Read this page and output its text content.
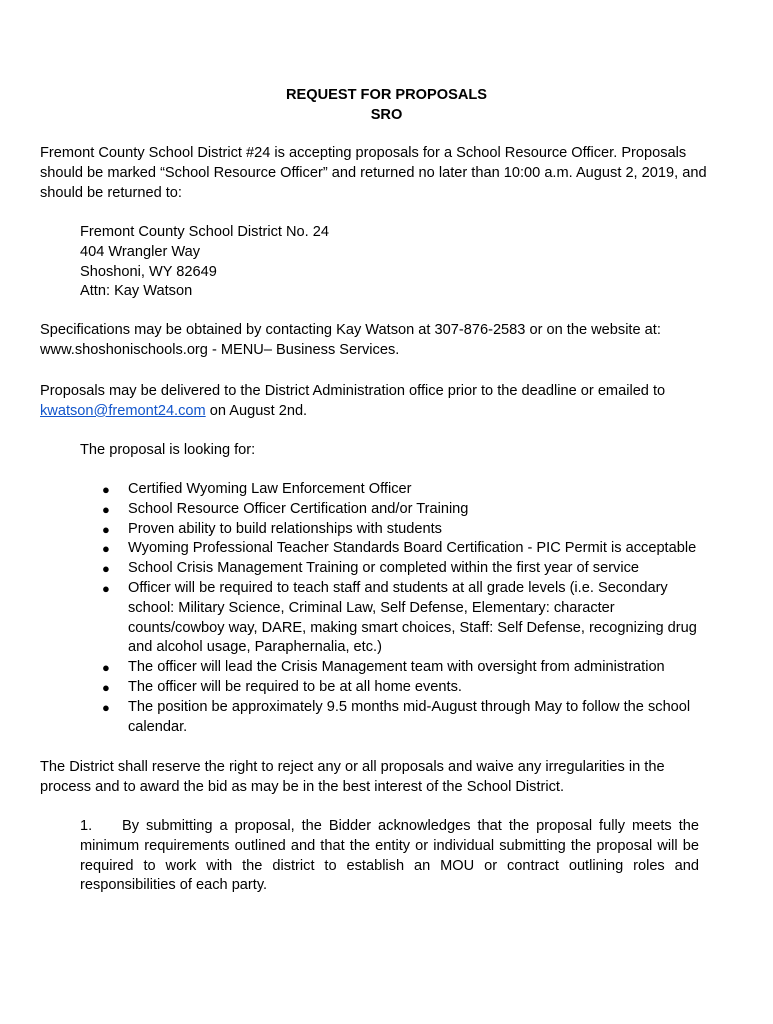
REQUEST FOR PROPOSALS
SRO
Fremont County School District #24 is accepting proposals for a School Resource Officer. Proposals should be marked “School Resource Officer” and returned no later than 10:00 a.m. August 2, 2019, and should be returned to:
Fremont County School District No. 24
404 Wrangler Way
Shoshoni, WY 82649
Attn: Kay Watson
Specifications may be obtained by contacting Kay Watson at 307-876-2583 or on the website at: www.shoshonischools.org - MENU– Business Services.
Proposals may be delivered to the District Administration office prior to the deadline or emailed to kwatson@fremont24.com on August 2nd.
The proposal is looking for:
● Certified Wyoming Law Enforcement Officer
● School Resource Officer Certification and/or Training
● Proven ability to build relationships with students
● Wyoming Professional Teacher Standards Board Certification - PIC Permit is acceptable
● School Crisis Management Training or completed within the first year of service
● Officer will be required to teach staff and students at all grade levels (i.e. Secondary school: Military Science, Criminal Law, Self Defense, Elementary: character counts/cowboy way, DARE, making smart choices, Staff: Self Defense, recognizing drug and alcohol usage, Paraphernalia, etc.)
● The officer will lead the Crisis Management team with oversight from administration
● The officer will be required to be at all home events.
● The position be approximately 9.5 months mid-August through May to follow the school calendar.
The District shall reserve the right to reject any or all proposals and waive any irregularities in the process and to award the bid as may be in the best interest of the School District.
1. By submitting a proposal, the Bidder acknowledges that the proposal fully meets the minimum requirements outlined and that the entity or individual submitting the proposal will be required to work with the district to establish an MOU or contract outlining roles and responsibilities of each party.
